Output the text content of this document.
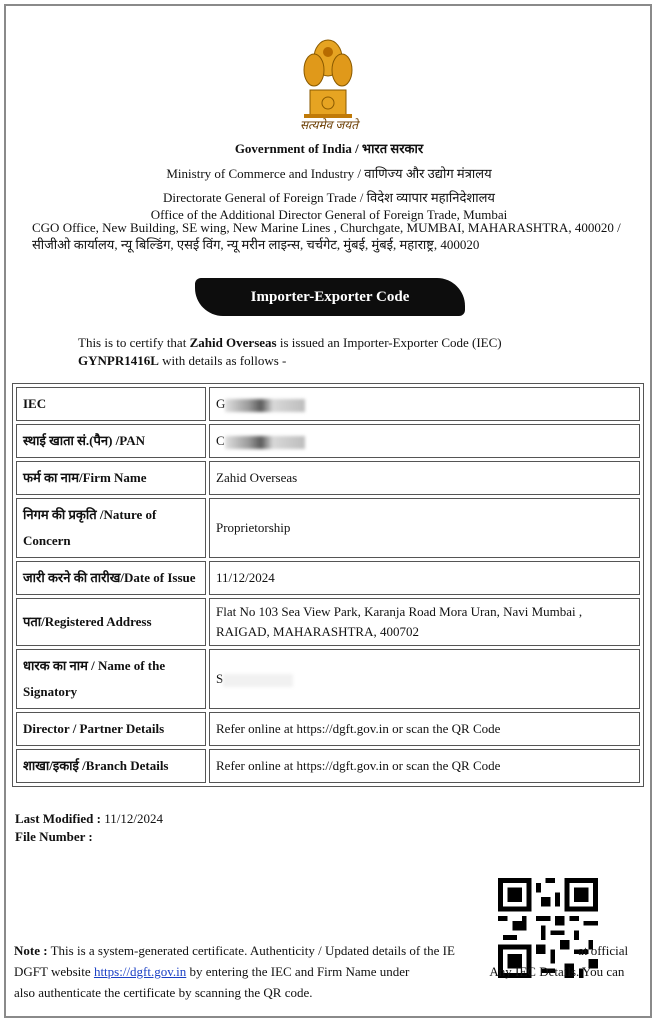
सत्यमेव जयते
Government of India / भारत सरकार
Ministry of Commerce and Industry / वाणिज्य और उद्योग मंत्रालय
Directorate General of Foreign Trade / विदेश व्यापार महानिदेशालय
Office of the Additional Director General of Foreign Trade, Mumbai
CGO Office, New Building, SE wing, New Marine Lines , Churchgate, MUMBAI, MAHARASHTRA, 400020 / सीजीओ कार्यालय, न्यू बिल्डिंग, एसई विंग, न्यू मरीन लाइन्स, चर्चगेट, मुंबई, मुंबई, महाराष्ट्र, 400020
Importer-Exporter Code
This is to certify that Zahid Overseas is issued an Importer-Exporter Code (IEC)
GYNPR1416L with details as follows -
IEC	G
स्थाई खाता सं.(पैन) /PAN	C
फर्म का नाम/Firm Name	Zahid Overseas
निगम की प्रकृति /Nature of Concern	Proprietorship
जारी करने की तारीख/Date of Issue	11/12/2024
पता/Registered Address	Flat No 103 Sea View Park, Karanja Road Mora Uran, Navi Mumbai , RAIGAD, MAHARASHTRA, 400702
धारक का नाम / Name of the Signatory	S
Director / Partner Details	Refer online at https://dgft.gov.in or scan the QR Code
शाखा/इकाई /Branch Details	Refer online at https://dgft.gov.in or scan the QR Code
Last Modified : 11/12/2024
File Number :
Note : This is a system-generated certificate. Authenticity / Updated details of the IE	at official DGFT website https://dgft.gov.in by entering the IEC and Firm Name under	Any IEC Details. You can also authenticate the certificate by scanning the QR code.
